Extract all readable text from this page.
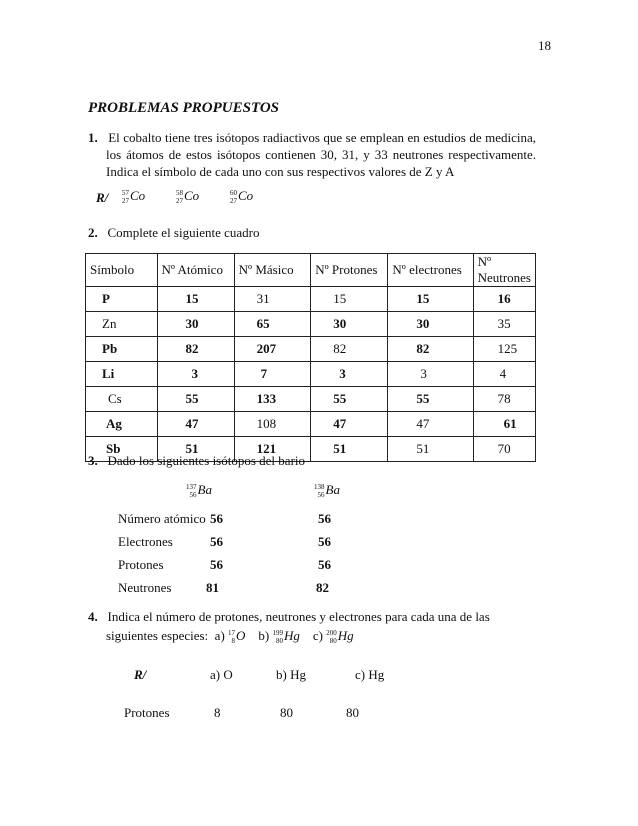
18
PROBLEMAS PROPUESTOS
1. El cobalto tiene tres isótopos radiactivos que se emplean en estudios de medicina, los átomos de estos isótopos contienen 30, 31, y 33 neutrones respectivamente. Indica el símbolo de cada uno con sus respectivos valores de Z y A
R/ 57
27 Co	58
27 Co	60
27 Co
2. Complete el siguiente cuadro
Símbolo	Nº Atómico	Nº Másico	Nº Protones	Nº electrones	Nº Neutrones
P	15	31	15	15	16
Zn	30	65	30	30	35
Pb	82	207	82	82	125
Li	3	7	3	3	4
Cs	55	133	55	55	78
Ag	47	108	47	47	61
Sb	51	121	51	51	70
3. Dado los siguientes isótopos del bario
137
56 Ba	138
56 Ba
Número atómico 56	56
Electrones	56	56
Protones	56	56
Neutrones	81	82
4. Indica el número de protones, neutrones y electrones para cada una de las
siguientes especies: a) 17
8 O b) 199
80 Hg c) 200
80 Hg
R/	a) O	b) Hg	c) Hg
Protones	8	80	80
